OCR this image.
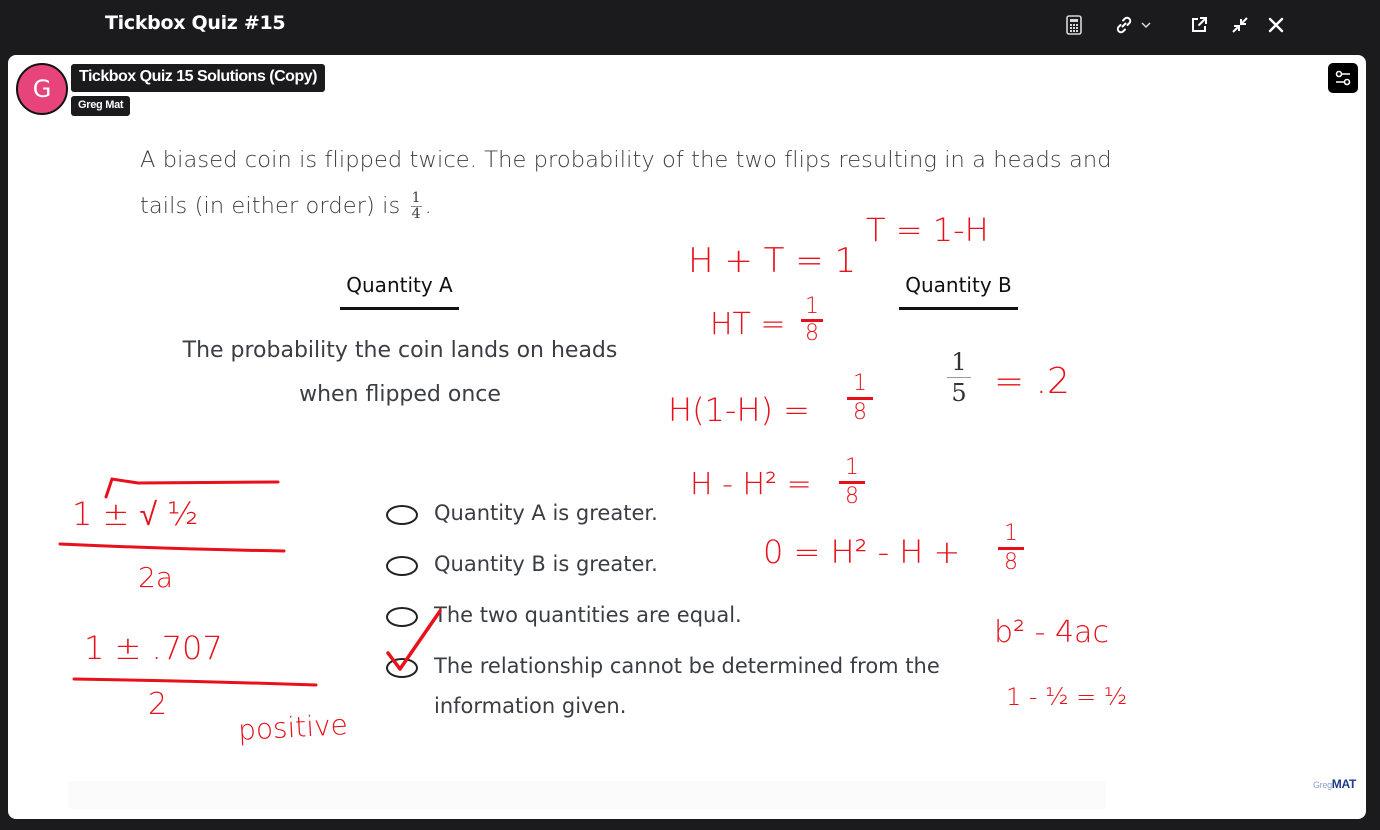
Tickbox Quiz #15
G	Tickbox Quiz 15 Solutions (Copy)
Greg Mat
A biased coin is flipped twice. The probability of the two flips resulting in a heads and
tails (in either order) is $\frac{1}{4}$ .
Quantity A
The probability the coin lands on heads
when flipped once
Quantity B
$\frac{1}{5}$
Quantity A is greater.
Quantity B is greater.
The two quantities are equal.
The relationship cannot be determined from the
information given.
T = 1-H
H + T = 1
HT =
1
8
H(1-H) =
1
8
H - H² = 1
8
0 = H² - H + 1
8
= .2
b² - 4ac
1 - ½ = ½
1 ± √ ½
2a
1 ± .707
2
positive
GregMAT
